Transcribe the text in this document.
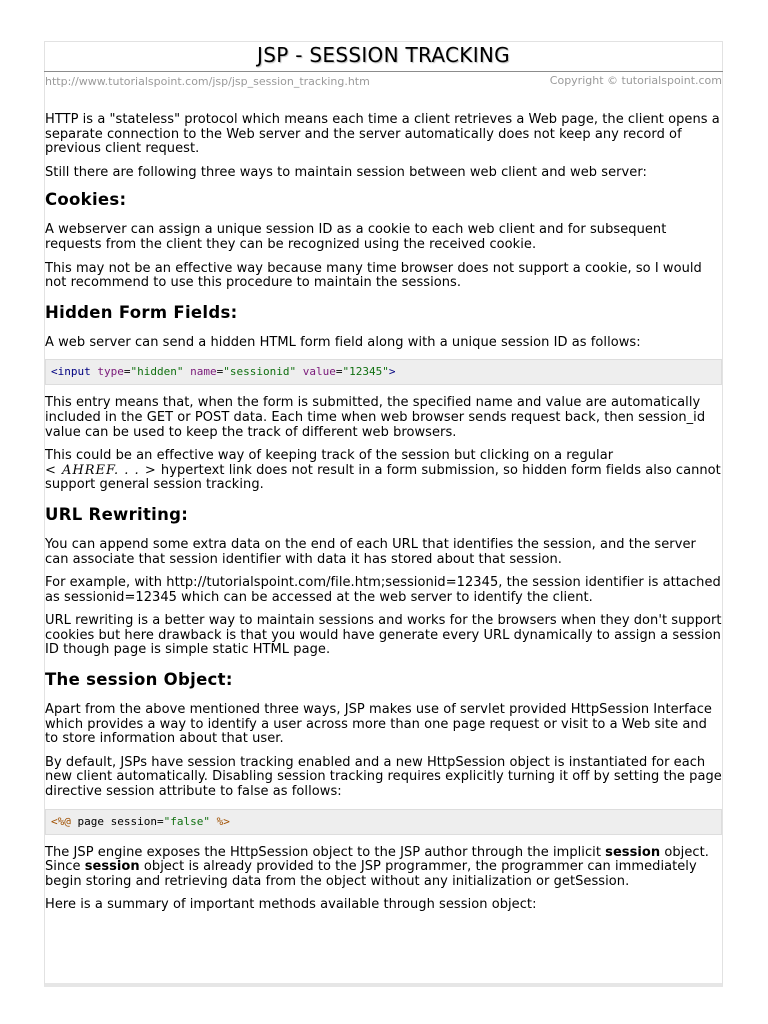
JSP - SESSION TRACKING
http://www.tutorialspoint.com/jsp/jsp_session_tracking.htm	Copyright © tutorialspoint.com

HTTP is a "stateless" protocol which means each time a client retrieves a Web page, the client opens a separate connection to the Web server and the server automatically does not keep any record of previous client request.

Still there are following three ways to maintain session between web client and web server:

Cookies:

A webserver can assign a unique session ID as a cookie to each web client and for subsequent requests from the client they can be recognized using the received cookie.

This may not be an effective way because many time browser does not support a cookie, so I would not recommend to use this procedure to maintain the sessions.

Hidden Form Fields:

A web server can send a hidden HTML form field along with a unique session ID as follows:

<input type="hidden" name="sessionid" value="12345">

This entry means that, when the form is submitted, the specified name and value are automatically included in the GET or POST data. Each time when web browser sends request back, then session_id value can be used to keep the track of different web browsers.

This could be an effective way of keeping track of the session but clicking on a regular
< AHREF. . . > hypertext link does not result in a form submission, so hidden form fields also cannot support general session tracking.

URL Rewriting:

You can append some extra data on the end of each URL that identifies the session, and the server can associate that session identifier with data it has stored about that session.

For example, with http://tutorialspoint.com/file.htm;sessionid=12345, the session identifier is attached as sessionid=12345 which can be accessed at the web server to identify the client.

URL rewriting is a better way to maintain sessions and works for the browsers when they don't support cookies but here drawback is that you would have generate every URL dynamically to assign a session ID though page is simple static HTML page.

The session Object:

Apart from the above mentioned three ways, JSP makes use of servlet provided HttpSession Interface which provides a way to identify a user across more than one page request or visit to a Web site and to store information about that user.

By default, JSPs have session tracking enabled and a new HttpSession object is instantiated for each new client automatically. Disabling session tracking requires explicitly turning it off by setting the page directive session attribute to false as follows:

<%@ page session="false" %>

The JSP engine exposes the HttpSession object to the JSP author through the implicit session object. Since session object is already provided to the JSP programmer, the programmer can immediately begin storing and retrieving data from the object without any initialization or getSession.

Here is a summary of important methods available through session object:
